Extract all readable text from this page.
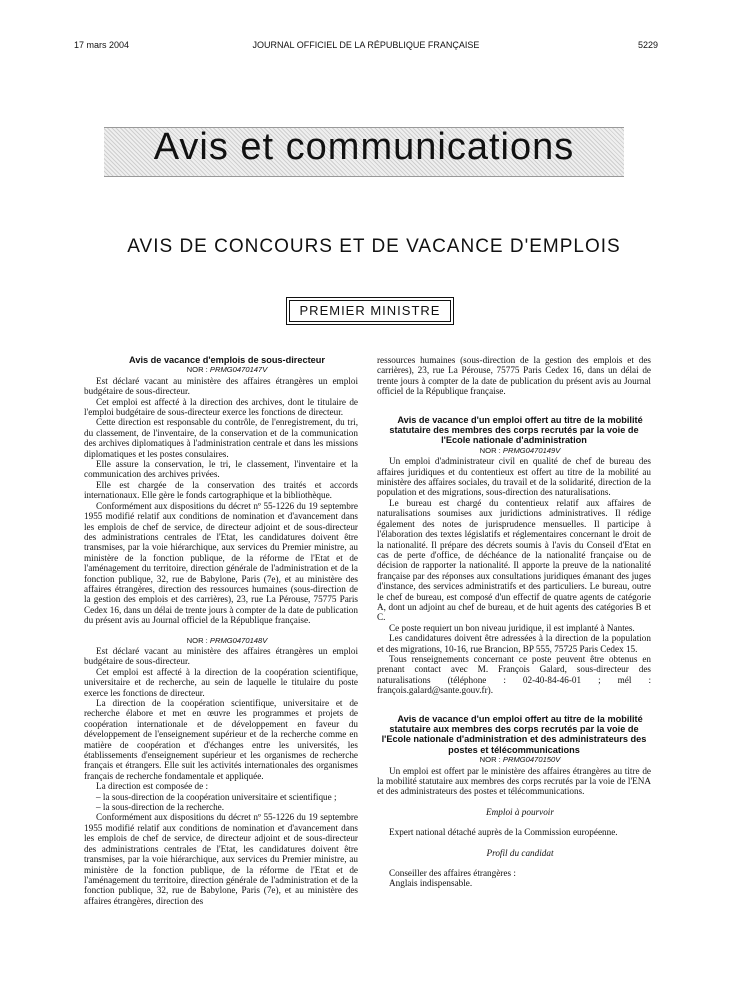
17 mars 2004	JOURNAL OFFICIEL DE LA RÉPUBLIQUE FRANÇAISE	5229
Avis et communications
AVIS DE CONCOURS ET DE VACANCE D'EMPLOIS
PREMIER MINISTRE

Avis de vacance d'emplois de sous-directeur

NOR : PRMG0470147V

Est déclaré vacant au ministère des affaires étrangères un emploi budgétaire de sous-directeur.

Cet emploi est affecté à la direction des archives, dont le titulaire de l'emploi budgétaire de sous-directeur exerce les fonctions de directeur.

Cette direction est responsable du contrôle, de l'enregistrement, du tri, du classement, de l'inventaire, de la conservation et de la communication des archives diplomatiques à l'administration centrale et dans les missions diplomatiques et les postes consulaires.

Elle assure la conservation, le tri, le classement, l'inventaire et la communication des archives privées.

Elle est chargée de la conservation des traités et accords internationaux. Elle gère le fonds cartographique et la bibliothèque.

Conformément aux dispositions du décret nº 55-1226 du 19 septembre 1955 modifié relatif aux conditions de nomination et d'avancement dans les emplois de chef de service, de directeur adjoint et de sous-directeur des administrations centrales de l'Etat, les candidatures doivent être transmises, par la voie hiérarchique, aux services du Premier ministre, au ministère de la fonction publique, de la réforme de l'Etat et de l'aménagement du territoire, direction générale de l'administration et de la fonction publique, 32, rue de Babylone, Paris (7e), et au ministère des affaires étrangères, direction des ressources humaines (sous-direction de la gestion des emplois et des carrières), 23, rue La Pérouse, 75775 Paris Cedex 16, dans un délai de trente jours à compter de la date de publication du présent avis au Journal officiel de la République française.

NOR : PRMG0470148V

Est déclaré vacant au ministère des affaires étrangères un emploi budgétaire de sous-directeur.

Cet emploi est affecté à la direction de la coopération scientifique, universitaire et de recherche, au sein de laquelle le titulaire du poste exerce les fonctions de directeur.

La direction de la coopération scientifique, universitaire et de recherche élabore et met en œuvre les programmes et projets de coopération internationale et de développement en faveur du développement de l'enseignement supérieur et de la recherche comme en matière de coopération et d'échanges entre les universités, les établissements d'enseignement supérieur et les organismes de recherche français et étrangers. Elle suit les activités internationales des organismes français de recherche fondamentale et appliquée.

La direction est composée de :

– la sous-direction de la coopération universitaire et scientifique ;

– la sous-direction de la recherche.

Conformément aux dispositions du décret nº 55-1226 du 19 septembre 1955 modifié relatif aux conditions de nomination et d'avancement dans les emplois de chef de service, de directeur adjoint et de sous-directeur des administrations centrales de l'Etat, les candidatures doivent être transmises, par la voie hiérarchique, aux services du Premier ministre, au ministère de la fonction publique, de la réforme de l'Etat et de l'aménagement du territoire, direction générale de l'administration et de la fonction publique, 32, rue de Babylone, Paris (7e), et au ministère des affaires étrangères, direction des

ressources humaines (sous-direction de la gestion des emplois et des carrières), 23, rue La Pérouse, 75775 Paris Cedex 16, dans un délai de trente jours à compter de la date de publication du présent avis au Journal officiel de la République française.

Avis de vacance d'un emploi offert au titre de la mobilité statutaire des membres des corps recrutés par la voie de l'Ecole nationale d'administration

NOR : PRMG0470149V

Un emploi d'administrateur civil en qualité de chef de bureau des affaires juridiques et du contentieux est offert au titre de la mobilité au ministère des affaires sociales, du travail et de la solidarité, direction de la population et des migrations, sous-direction des naturalisations.

Le bureau est chargé du contentieux relatif aux affaires de naturalisations soumises aux juridictions administratives. Il rédige également des notes de jurisprudence mensuelles. Il participe à l'élaboration des textes législatifs et réglementaires concernant le droit de la nationalité. Il prépare des décrets soumis à l'avis du Conseil d'Etat en cas de perte d'office, de déchéance de la nationalité française ou de décision de rapporter la nationalité. Il apporte la preuve de la nationalité française par des réponses aux consultations juridiques émanant des juges d'instance, des services administratifs et des particuliers. Le bureau, outre le chef de bureau, est composé d'un effectif de quatre agents de catégorie A, dont un adjoint au chef de bureau, et de huit agents des catégories B et C.

Ce poste requiert un bon niveau juridique, il est implanté à Nantes.

Les candidatures doivent être adressées à la direction de la population et des migrations, 10-16, rue Brancion, BP 555, 75725 Paris Cedex 15.

Tous renseignements concernant ce poste peuvent être obtenus en prenant contact avec M. François Galard, sous-directeur des naturalisations (téléphone : 02-40-84-46-01 ; mél : françois.galard@sante.gouv.fr).

Avis de vacance d'un emploi offert au titre de la mobilité statutaire aux membres des corps recrutés par la voie de l'Ecole nationale d'administration et des administrateurs des postes et télécommunications

NOR : PRMG0470150V

Un emploi est offert par le ministère des affaires étrangères au titre de la mobilité statutaire aux membres des corps recrutés par la voie de l'ENA et des administrateurs des postes et télécommunications.

Emploi à pourvoir

Expert national détaché auprès de la Commission européenne.

Profil du candidat

Conseiller des affaires étrangères :

Anglais indispensable.
